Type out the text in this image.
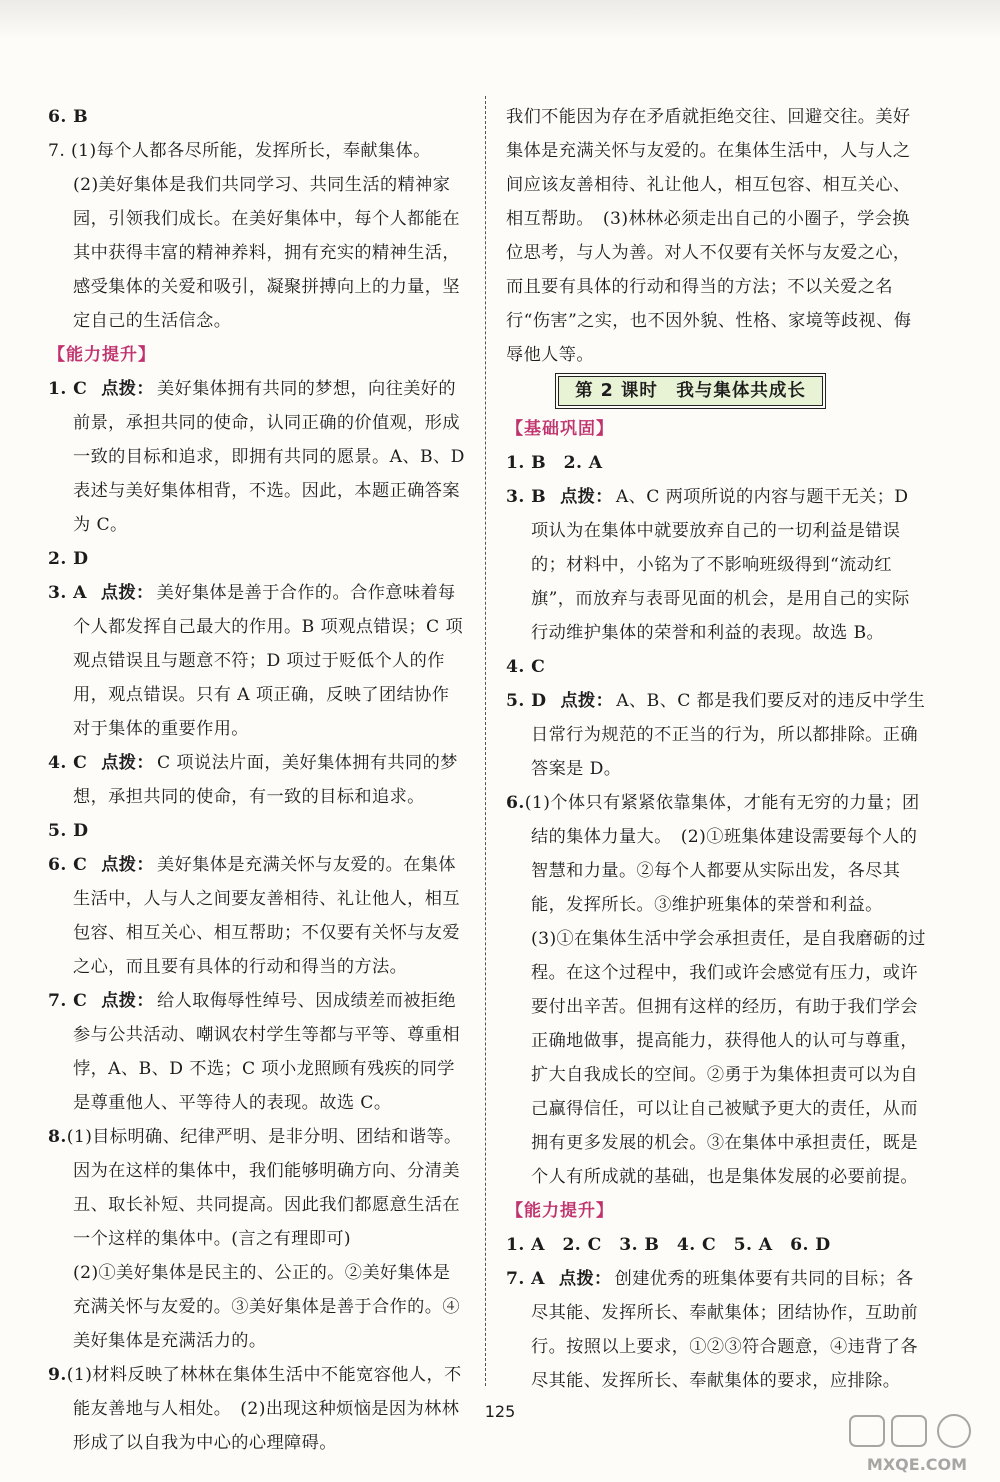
6. B
7. (1)每个人都各尽所能，发挥所长，奉献集体。
(2)美好集体是我们共同学习、共同生活的精神家园，引领我们成长。在美好集体中，每个人都能在其中获得丰富的精神养料，拥有充实的精神生活，感受集体的关爱和吸引，凝聚拼搏向上的力量，坚定自己的生活信念。
【能力提升】
1. C 点拨： 美好集体拥有共同的梦想，向往美好的前景，承担共同的使命，认同正确的价值观，形成一致的目标和追求，即拥有共同的愿景。A、B、D表述与美好集体相背，不选。因此，本题正确答案为 C。
2. D
3. A 点拨： 美好集体是善于合作的。合作意味着每个人都发挥自己最大的作用。B 项观点错误；C 项观点错误且与题意不符；D 项过于贬低个人的作用，观点错误。只有 A 项正确，反映了团结协作对于集体的重要作用。
4. C 点拨： C 项说法片面，美好集体拥有共同的梦想，承担共同的使命，有一致的目标和追求。
5. D
6. C 点拨： 美好集体是充满关怀与友爱的。在集体生活中，人与人之间要友善相待、礼让他人，相互包容、相互关心、相互帮助；不仅要有关怀与友爱之心，而且要有具体的行动和得当的方法。
7. C 点拨： 给人取侮辱性绰号、因成绩差而被拒绝参与公共活动、嘲讽农村学生等都与平等、尊重相悖，A、B、D 不选；C 项小龙照顾有残疾的同学是尊重他人、平等待人的表现。故选 C。
8.(1)目标明确、纪律严明、是非分明、团结和谐等。因为在这样的集体中，我们能够明确方向、分清美丑、取长补短、共同提高。因此我们都愿意生活在一个这样的集体中。(言之有理即可)
(2)①美好集体是民主的、公正的。②美好集体是充满关怀与友爱的。③美好集体是善于合作的。④美好集体是充满活力的。
9.(1)材料反映了林林在集体生活中不能宽容他人，不能友善地与人相处。　(2)出现这种烦恼是因为林林形成了以自我为中心的心理障碍。
我们不能因为存在矛盾就拒绝交往、回避交往。美好集体是充满关怀与友爱的。在集体生活中，人与人之间应该友善相待、礼让他人，相互包容、相互关心、相互帮助。　(3)林林必须走出自己的小圈子，学会换位思考，与人为善。对人不仅要有关怀与友爱之心，而且要有具体的行动和得当的方法；不以关爱之名行“伤害”之实，也不因外貌、性格、家境等歧视、侮辱他人等。
第 2 课时　我与集体共成长
【基础巩固】
1. B　2. A
3. B 点拨： A、C 两项所说的内容与题干无关；D 项认为在集体中就要放弃自己的一切利益是错误的；材料中，小铭为了不影响班级得到“流动红旗”，而放弃与表哥见面的机会，是用自己的实际行动维护集体的荣誉和利益的表现。故选 B。
4. C
5. D 点拨： A、B、C 都是我们要反对的违反中学生日常行为规范的不正当的行为，所以都排除。正确答案是 D。
6.(1)个体只有紧紧依靠集体，才能有无穷的力量；团结的集体力量大。　(2)①班集体建设需要每个人的智慧和力量。②每个人都要从实际出发，各尽其能，发挥所长。③维护班集体的荣誉和利益。　(3)①在集体生活中学会承担责任，是自我磨砺的过程。在这个过程中，我们或许会感觉有压力，或许要付出辛苦。但拥有这样的经历，有助于我们学会正确地做事，提高能力，获得他人的认可与尊重，扩大自我成长的空间。②勇于为集体担责可以为自己赢得信任，可以让自己被赋予更大的责任，从而拥有更多发展的机会。③在集体中承担责任，既是个人有所成就的基础，也是集体发展的必要前提。
【能力提升】
1. A　2. C　3. B　4. C　5. A　6. D
7. A 点拨： 创建优秀的班集体要有共同的目标；各尽其能、发挥所长、奉献集体；团结协作，互助前行。按照以上要求，①②③符合题意，④违背了各尽其能、发挥所长、奉献集体的要求，应排除。
125
MXQE.COM
